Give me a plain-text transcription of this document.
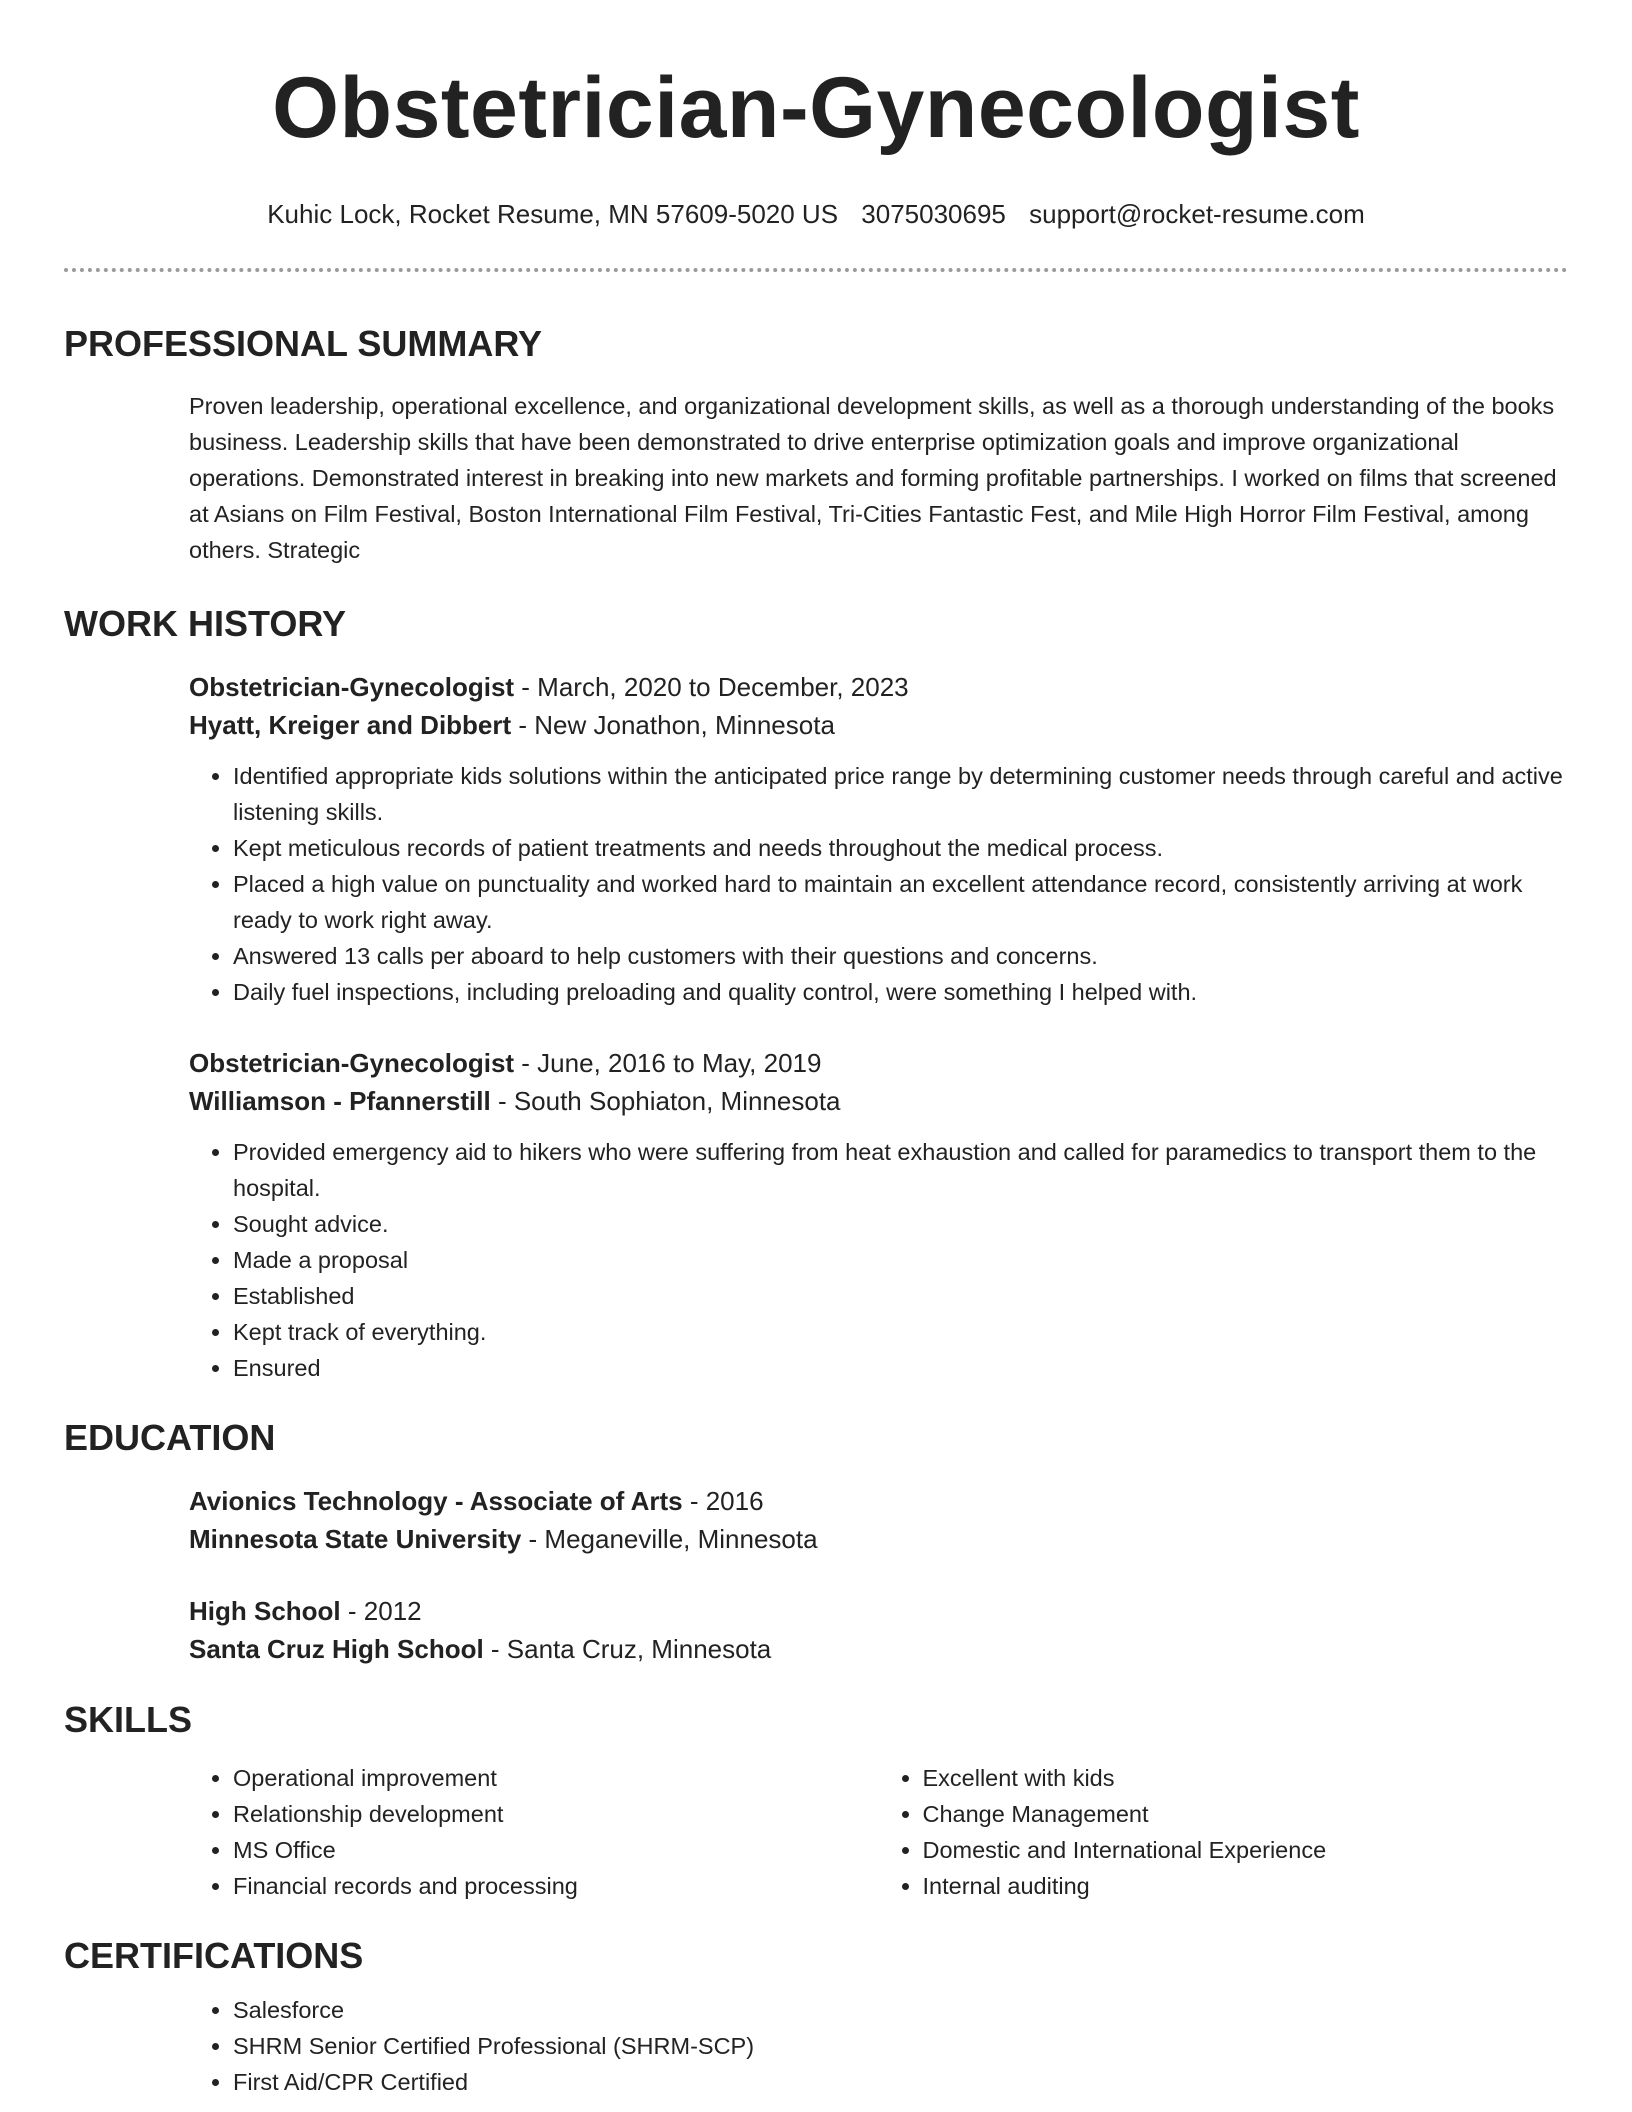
Obstetrician-Gynecologist
Kuhic Lock, Rocket Resume, MN 57609-5020 US 3075030695 support@rocket-resume.com
PROFESSIONAL SUMMARY

Proven leadership, operational excellence, and organizational development skills, as well as a thorough understanding of the books business. Leadership skills that have been demonstrated to drive enterprise optimization goals and improve organizational operations. Demonstrated interest in breaking into new markets and forming profitable partnerships. I worked on films that screened at Asians on Film Festival, Boston International Film Festival, Tri-Cities Fantastic Fest, and Mile High Horror Film Festival, among others. Strategic

WORK HISTORY
Obstetrician-Gynecologist - March, 2020 to December, 2023
Hyatt, Kreiger and Dibbert - New Jonathon, Minnesota
• Identified appropriate kids solutions within the anticipated price range by determining customer needs through careful and active listening skills.
• Kept meticulous records of patient treatments and needs throughout the medical process.
• Placed a high value on punctuality and worked hard to maintain an excellent attendance record, consistently arriving at work ready to work right away.
• Answered 13 calls per aboard to help customers with their questions and concerns.
• Daily fuel inspections, including preloading and quality control, were something I helped with.
Obstetrician-Gynecologist - June, 2016 to May, 2019
Williamson - Pfannerstill - South Sophiaton, Minnesota
• Provided emergency aid to hikers who were suffering from heat exhaustion and called for paramedics to transport them to the hospital.
• Sought advice.
• Made a proposal
• Established
• Kept track of everything.
• Ensured
EDUCATION
Avionics Technology - Associate of Arts - 2016
Minnesota State University - Meganeville, Minnesota
High School - 2012
Santa Cruz High School - Santa Cruz, Minnesota
SKILLS
• Operational improvement
• Relationship development
• MS Office
• Financial records and processing
• Excellent with kids
• Change Management
• Domestic and International Experience
• Internal auditing
CERTIFICATIONS
• Salesforce
• SHRM Senior Certified Professional (SHRM-SCP)
• First Aid/CPR Certified
